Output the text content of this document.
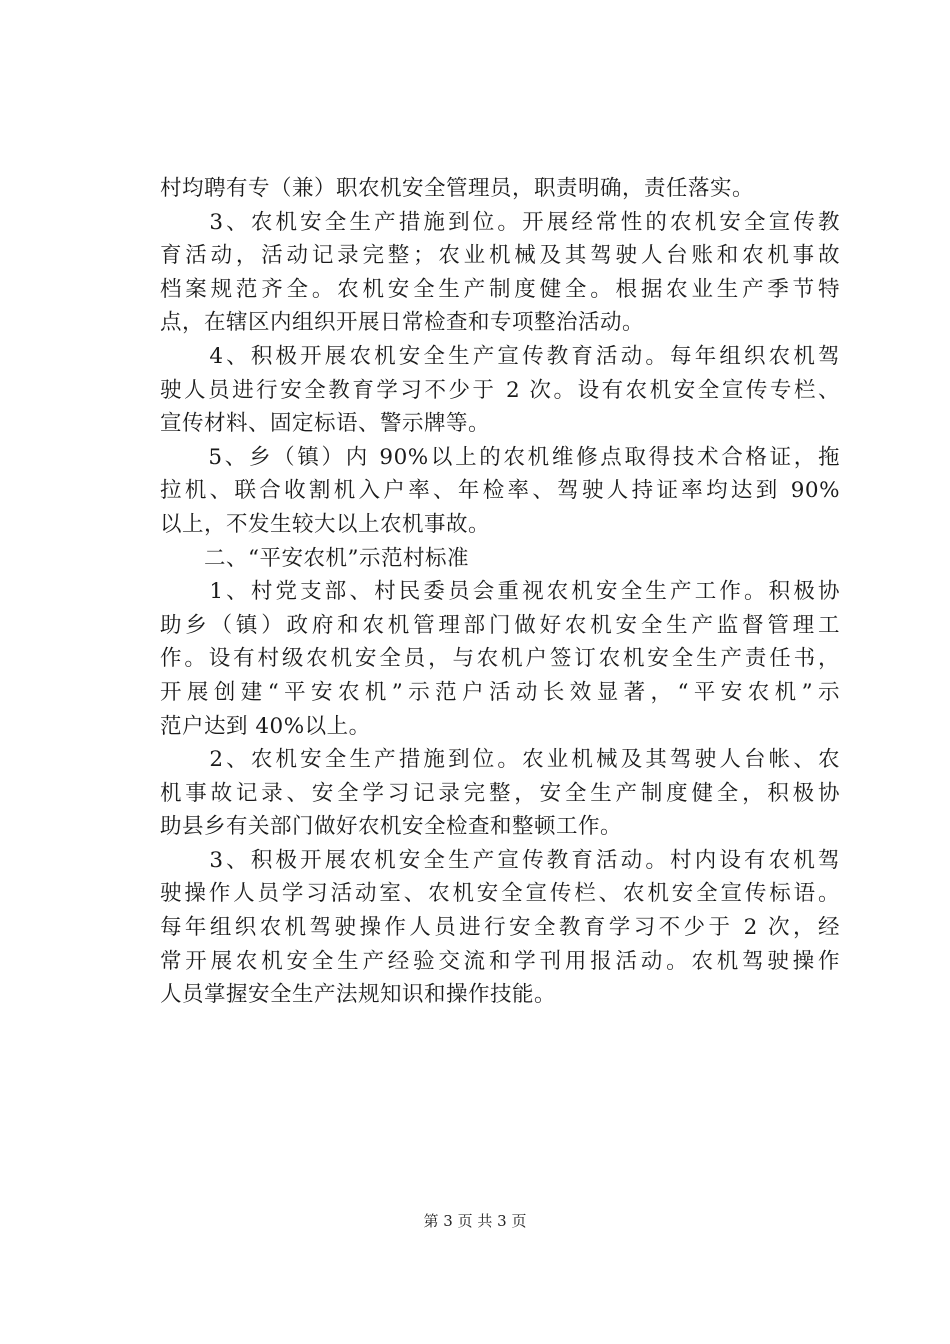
村均聘有专（兼）职农机安全管理员，职责明确，责任落实。
　　3、农机安全生产措施到位。开展经常性的农机安全宣传教
育活动，活动记录完整；农业机械及其驾驶人台账和农机事故
档案规范齐全。农机安全生产制度健全。根据农业生产季节特
点，在辖区内组织开展日常检查和专项整治活动。
　　4、积极开展农机安全生产宣传教育活动。每年组织农机驾
驶人员进行安全教育学习不少于 2 次。设有农机安全宣传专栏、
宣传材料、固定标语、警示牌等。
　　5、乡（镇）内 90%以上的农机维修点取得技术合格证，拖
拉机、联合收割机入户率、年检率、驾驶人持证率均达到 90%
以上，不发生较大以上农机事故。
　　二、“平安农机”示范村标准
　　1、村党支部、村民委员会重视农机安全生产工作。积极协
助乡（镇）政府和农机管理部门做好农机安全生产监督管理工
作。设有村级农机安全员，与农机户签订农机安全生产责任书，
开展创建“平安农机”示范户活动长效显著，“平安农机”示
范户达到 40%以上。
　　2、农机安全生产措施到位。农业机械及其驾驶人台帐、农
机事故记录、安全学习记录完整，安全生产制度健全，积极协
助县乡有关部门做好农机安全检查和整顿工作。
　　3、积极开展农机安全生产宣传教育活动。村内设有农机驾
驶操作人员学习活动室、农机安全宣传栏、农机安全宣传标语。
每年组织农机驾驶操作人员进行安全教育学习不少于 2 次，经
常开展农机安全生产经验交流和学刊用报活动。农机驾驶操作
人员掌握安全生产法规知识和操作技能。
第 3 页 共 3 页
